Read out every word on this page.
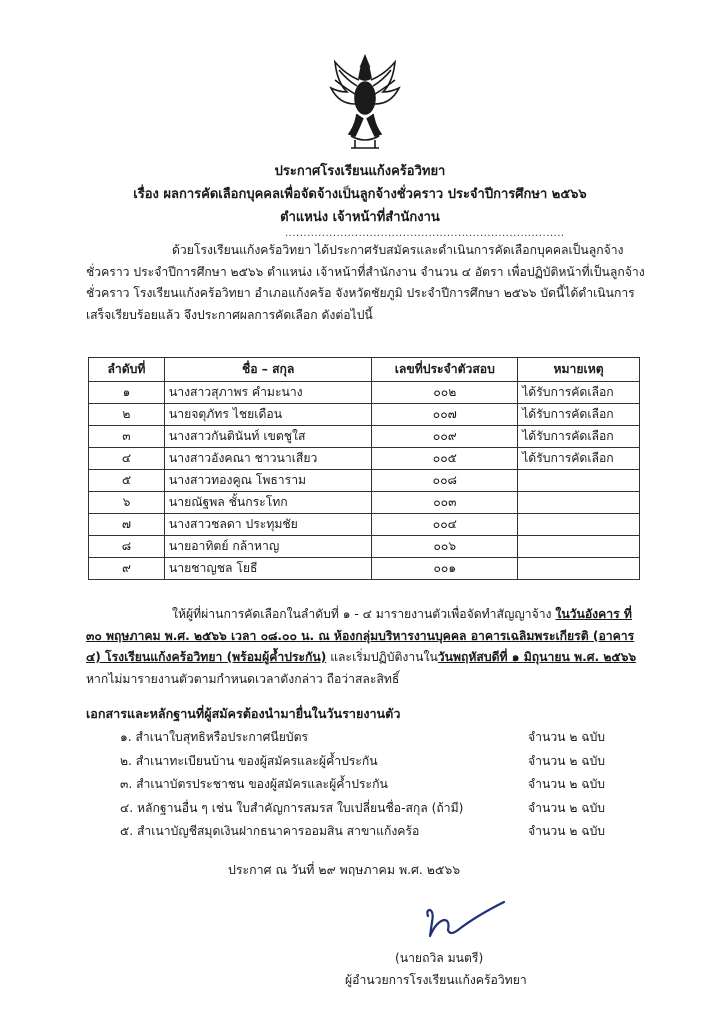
ประกาศโรงเรียนแก้งคร้อวิทยา
เรื่อง ผลการคัดเลือกบุคคลเพื่อจัดจ้างเป็นลูกจ้างชั่วคราว ประจำปีการศึกษา ๒๕๖๖
ตำแหน่ง เจ้าหน้าที่สำนักงาน
............................................................................
ด้วยโรงเรียนแก้งคร้อวิทยา ได้ประกาศรับสมัครและดำเนินการคัดเลือกบุคคลเป็นลูกจ้างชั่วคราว ประจำปีการศึกษา ๒๕๖๖ ตำแหน่ง เจ้าหน้าที่สำนักงาน จำนวน ๔ อัตรา เพื่อปฏิบัติหน้าที่เป็นลูกจ้างชั่วคราว โรงเรียนแก้งคร้อวิทยา อำเภอแก้งคร้อ จังหวัดชัยภูมิ ประจำปีการศึกษา ๒๕๖๖ บัดนี้ได้ดำเนินการเสร็จเรียบร้อยแล้ว จึงประกาศผลการคัดเลือก ดังต่อไปนี้
ลำดับที่	ชื่อ – สกุล	เลขที่ประจำตัวสอบ	หมายเหตุ
๑	นางสาวสุภาพร คำมะนาง	๐๐๒	ได้รับการคัดเลือก
๒	นายจตุภัทร ไชยเดือน	๐๐๗	ได้รับการคัดเลือก
๓	นางสาวกันตินันท์ เขตชูใส	๐๐๙	ได้รับการคัดเลือก
๔	นางสาวอังคณา ชาวนาเสียว	๐๐๕	ได้รับการคัดเลือก
๕	นางสาวทองคูณ โพธาราม	๐๐๘	
๖	นายณัฐพล ชั้นกระโทก	๐๐๓	
๗	นางสาวชลดา ประทุมชัย	๐๐๔	
๘	นายอาทิตย์ กล้าหาญ	๐๐๖	
๙	นายชาญชล โยธี	๐๐๑	
ให้ผู้ที่ผ่านการคัดเลือกในลำดับที่ ๑ - ๔ มารายงานตัวเพื่อจัดทำสัญญาจ้าง ในวันอังคาร ที่ ๓๐ พฤษภาคม พ.ศ. ๒๕๖๖ เวลา ๐๘.๐๐ น. ณ ห้องกลุ่มบริหารงานบุคคล อาคารเฉลิมพระเกียรติ (อาคาร ๔) โรงเรียนแก้งคร้อวิทยา (พร้อมผู้ค้ำประกัน) และเริ่มปฏิบัติงานในวันพฤหัสบดีที่ ๑ มิถุนายน พ.ศ. ๒๕๖๖ หากไม่มารายงานตัวตามกำหนดเวลาดังกล่าว ถือว่าสละสิทธิ์
เอกสารและหลักฐานที่ผู้สมัครต้องนำมายื่นในวันรายงานตัว
๑. สำเนาใบสุทธิหรือประกาศนียบัตร	จำนวน ๒ ฉบับ
๒. สำเนาทะเบียนบ้าน ของผู้สมัครและผู้ค้ำประกัน	จำนวน ๒ ฉบับ
๓. สำเนาบัตรประชาชน ของผู้สมัครและผู้ค้ำประกัน	จำนวน ๒ ฉบับ
๔. หลักฐานอื่น ๆ เช่น ใบสำคัญการสมรส ใบเปลี่ยนชื่อ-สกุล (ถ้ามี)	จำนวน ๒ ฉบับ
๕. สำเนาบัญชีสมุดเงินฝากธนาคารออมสิน สาขาแก้งคร้อ	จำนวน ๒ ฉบับ
ประกาศ ณ วันที่ ๒๙ พฤษภาคม พ.ศ. ๒๕๖๖
(นายถวิล มนตรี)
ผู้อำนวยการโรงเรียนแก้งคร้อวิทยา
